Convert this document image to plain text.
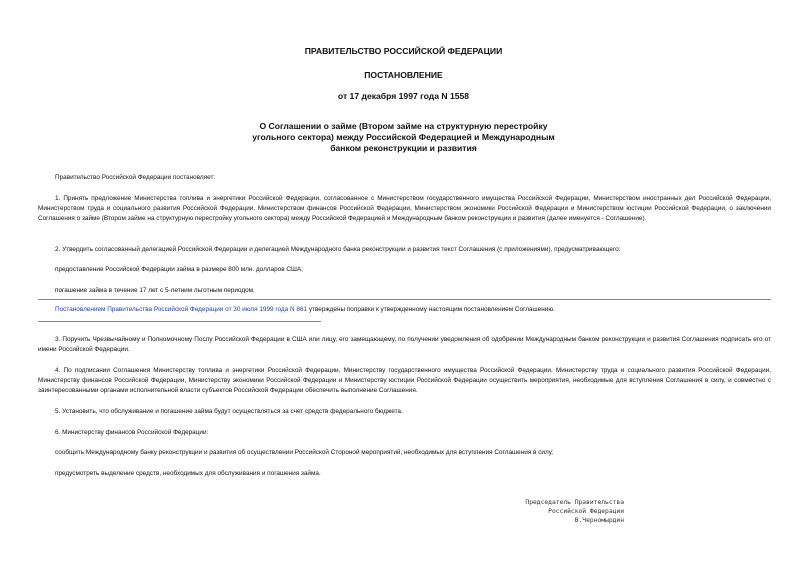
ПРАВИТЕЛЬСТВО РОССИЙСКОЙ ФЕДЕРАЦИИ

ПОСТАНОВЛЕНИЕ

от 17 декабря 1997 года N 1558

О Соглашении о займе (Втором займе на структурную перестройку

угольного сектора) между Российской Федерацией и Международным

банком реконструкции и развития

Правительство Российской Федерации постановляет:

1. Принять предложение Министерства топлива и энергетики Российской Федерации, согласованное с Министерством государственного имущества Российской Федерации, Министерством иностранных дел Российской Федерации, Министерством труда и социального развития Российской Федерации, Министерством финансов Российской Федерации, Министерством экономики Российской Федерации и Министерством юстиции Российской Федерации, о заключении Соглашения о займе (Втором займе на структурную перестройку угольного сектора) между Российской Федерацией и Международным банком реконструкции и развития (далее именуется - Соглашение).

2. Утвердить согласованный делегацией Российской Федерации и делегацией Международного банка реконструкции и развития текст Соглашения (с приложениями), предусматривающего:

предоставление Российской Федерации займа в размере 800 млн. долларов США;

погашение займа в течение 17 лет с 5-летним льготным периодом.

Постановлением Правительства Российской Федерации от 30 июля 1999 года N 861 утверждены поправки к утвержденному настоящим постановлением Соглашению.

3. Поручить Чрезвычайному и Полномочному Послу Российской Федерации в США или лицу, его замещающему, по получении уведомления об одобрении Международным банком реконструкции и развития Соглашения подписать его от имени Российской Федерации.

4. По подписании Соглашения Министерству топлива и энергетики Российской Федерации, Министерству государственного имущества Российской Федерации, Министерству труда и социального развития Российской Федерации, Министерству финансов Российской Федерации, Министерству экономики Российской Федерации и Министерству юстиции Российской Федерации осуществить мероприятия, необходимые для вступления Соглашения в силу, и совместно с заинтересованными органами исполнительной власти субъектов Российской Федерации обеспечить выполнение Соглашения.

5. Установить, что обслуживание и погашение займа будут осуществляться за счет средств федерального бюджета.

6. Министерству финансов Российской Федерации:

сообщить Международному банку реконструкции и развития об осуществлении Российской Стороной мероприятий, необходимых для вступления Соглашения в силу;

предусмотреть выделение средств, необходимых для обслуживания и погашения займа.

Председатель Правительства

Российской Федерации

В.Черномырдин
